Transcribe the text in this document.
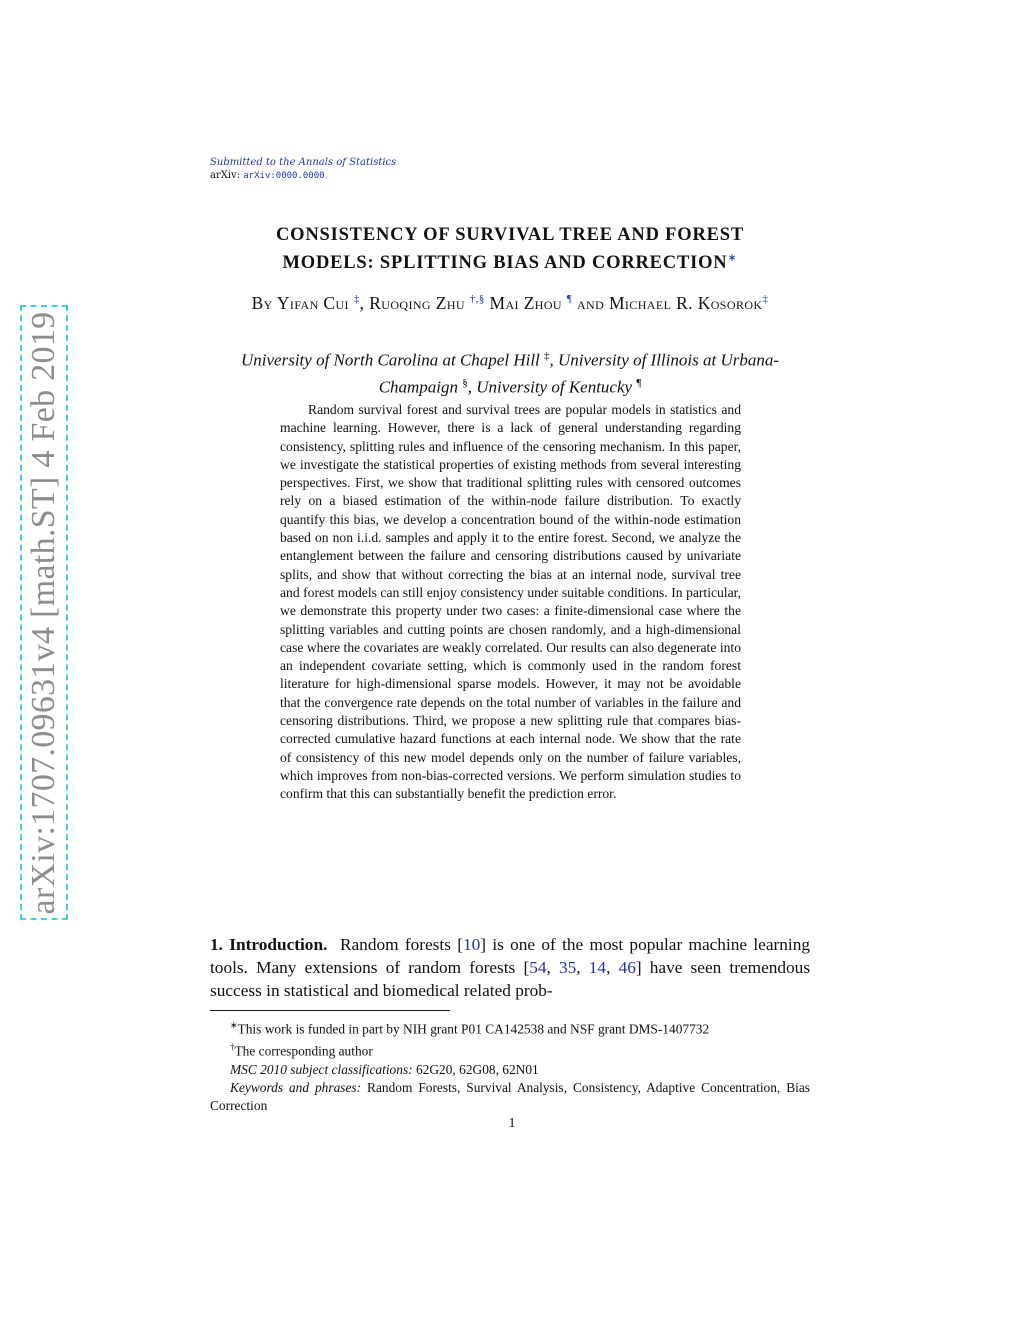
arXiv:1707.09631v4 [math.ST] 4 Feb 2019
Submitted to the Annals of Statistics
arXiv: arXiv:0000.0000
CONSISTENCY OF SURVIVAL TREE AND FOREST
MODELS: SPLITTING BIAS AND CORRECTION∗
By Yifan Cui ‡, Ruoqing Zhu †,§ Mai Zhou ¶ and Michael R. Kosorok‡
University of North Carolina at Chapel Hill ‡, University of Illinois at Urbana-Champaign §, University of Kentucky ¶
Random survival forest and survival trees are popular models in statistics and machine learning. However, there is a lack of general understanding regarding consistency, splitting rules and influence of the censoring mechanism. In this paper, we investigate the statistical properties of existing methods from several interesting perspectives. First, we show that traditional splitting rules with censored outcomes rely on a biased estimation of the within-node failure distribution. To exactly quantify this bias, we develop a concentration bound of the within-node estimation based on non i.i.d. samples and apply it to the entire forest. Second, we analyze the entanglement between the failure and censoring distributions caused by univariate splits, and show that without correcting the bias at an internal node, survival tree and forest models can still enjoy consistency under suitable conditions. In particular, we demonstrate this property under two cases: a finite-dimensional case where the splitting variables and cutting points are chosen randomly, and a high-dimensional case where the covariates are weakly correlated. Our results can also degenerate into an independent covariate setting, which is commonly used in the random forest literature for high-dimensional sparse models. However, it may not be avoidable that the convergence rate depends on the total number of variables in the failure and censoring distributions. Third, we propose a new splitting rule that compares bias-corrected cumulative hazard functions at each internal node. We show that the rate of consistency of this new model depends only on the number of failure variables, which improves from non-bias-corrected versions. We perform simulation studies to confirm that this can substantially benefit the prediction error.
1. Introduction. Random forests [10] is one of the most popular machine learning tools. Many extensions of random forests [54, 35, 14, 46] have seen tremendous success in statistical and biomedical related prob-

∗This work is funded in part by NIH grant P01 CA142538 and NSF grant DMS-1407732

†The corresponding author

MSC 2010 subject classifications: 62G20, 62G08, 62N01

Keywords and phrases: Random Forests, Survival Analysis, Consistency, Adaptive Concentration, Bias Correction

1
